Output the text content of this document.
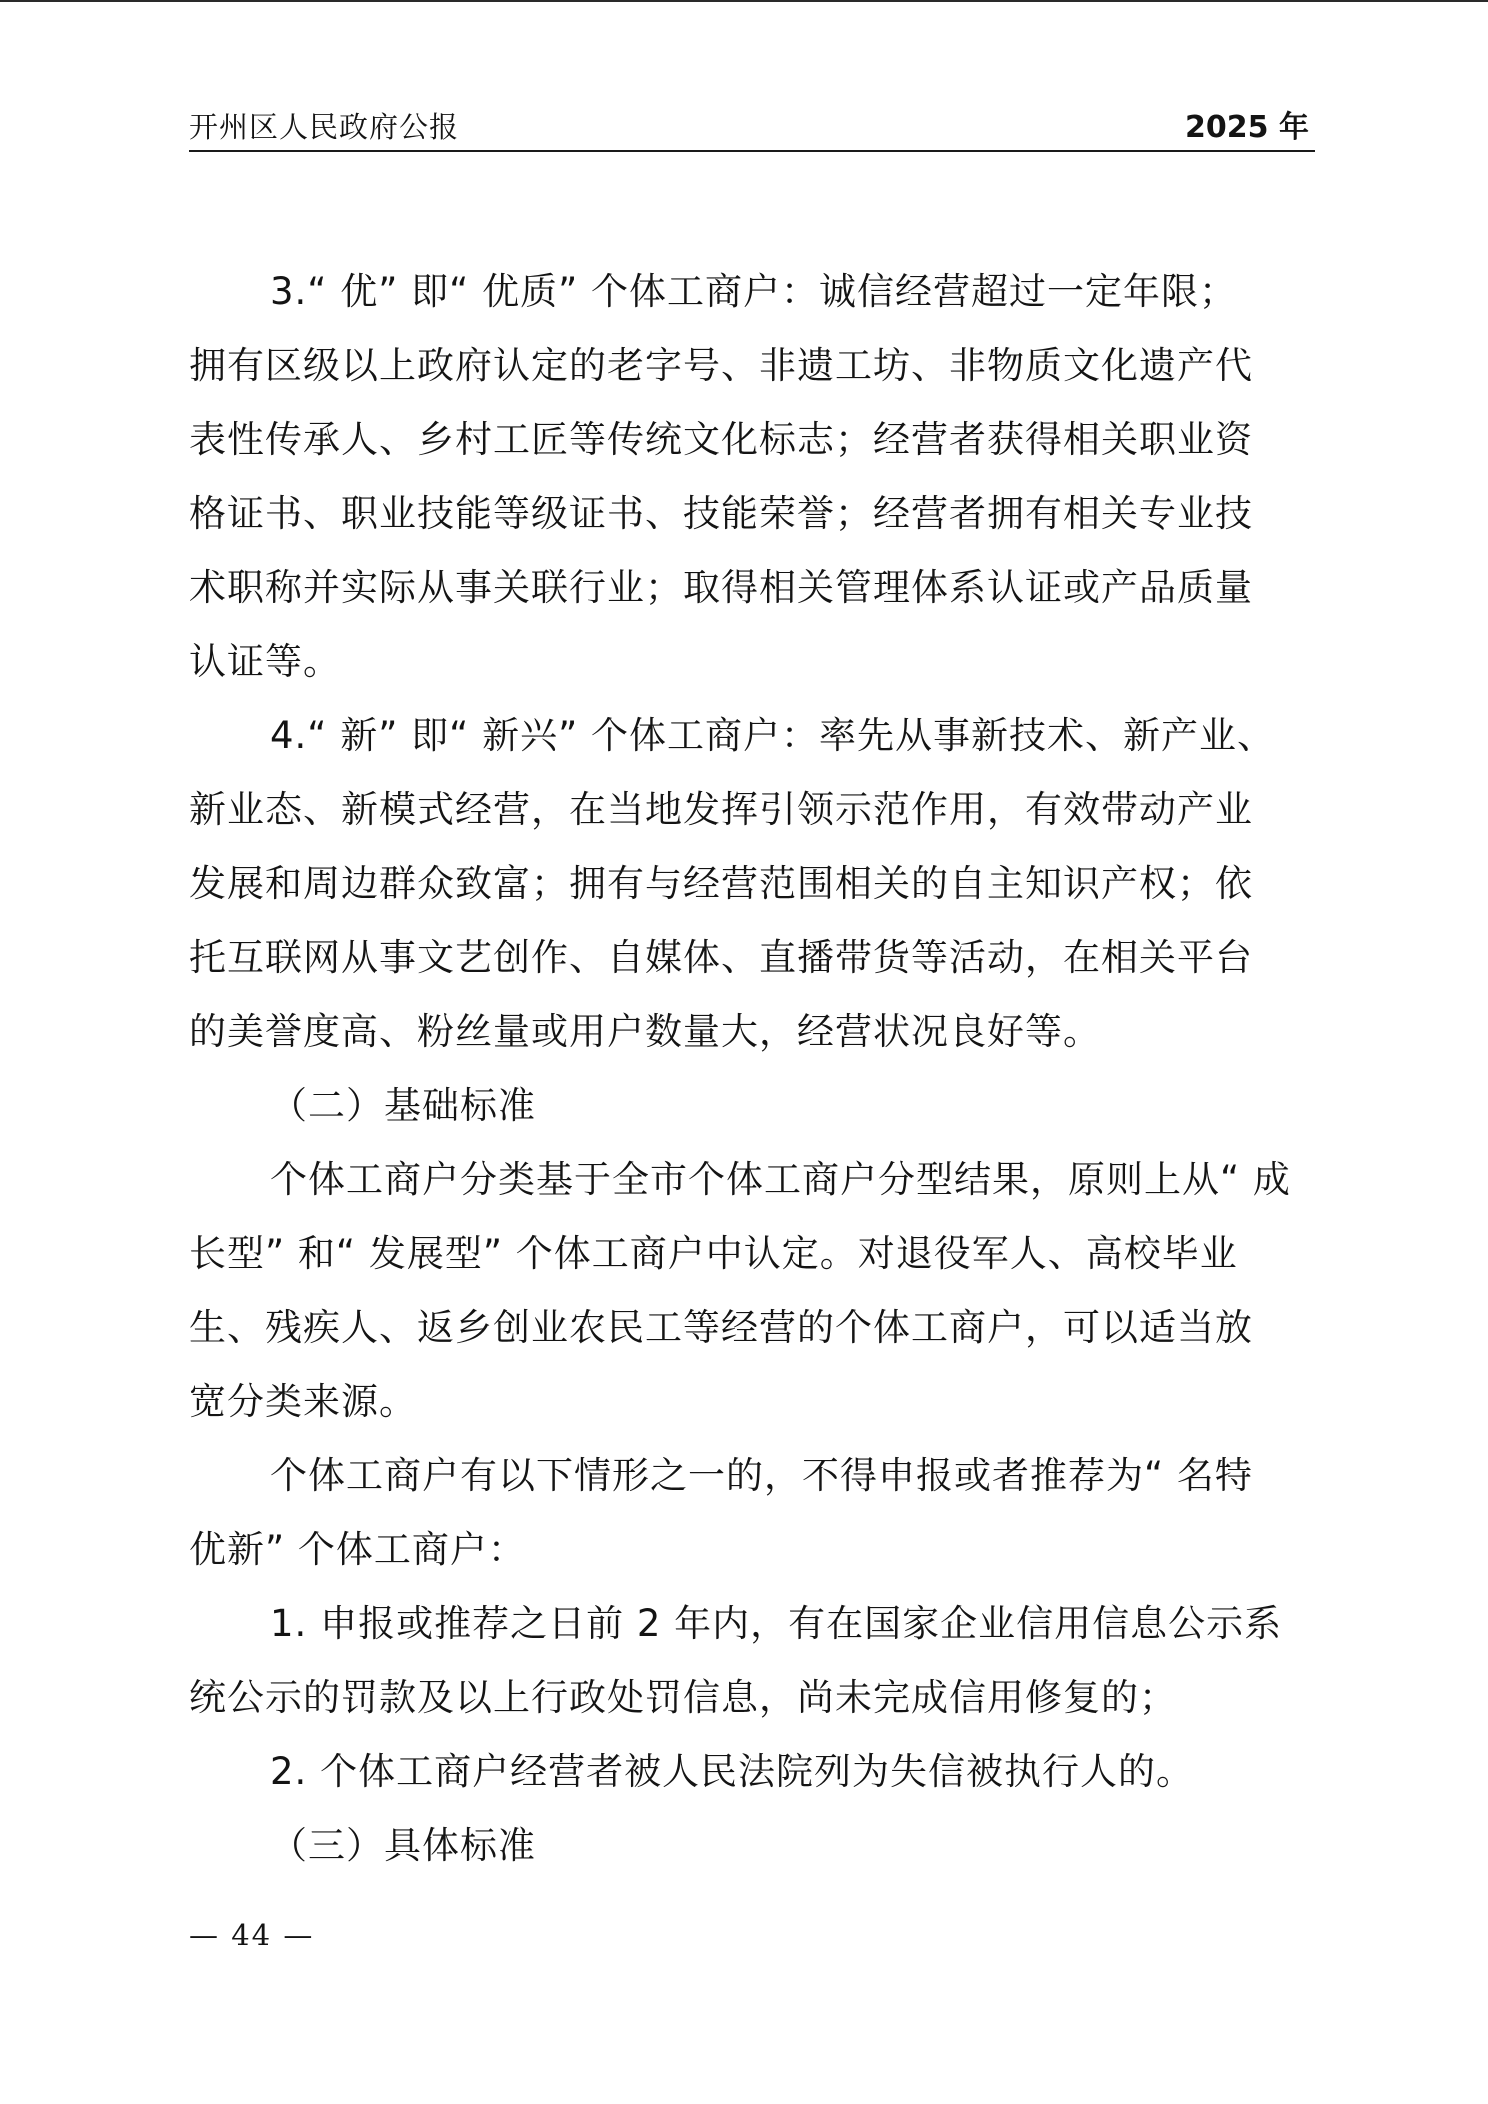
开州区人民政府公报	2025 年
3.“ 优” 即“ 优质” 个体工商户：诚信经营超过一定年限；
拥有区级以上政府认定的老字号、非遗工坊、非物质文化遗产代
表性传承人、乡村工匠等传统文化标志；经营者获得相关职业资
格证书、职业技能等级证书、技能荣誉；经营者拥有相关专业技
术职称并实际从事关联行业；取得相关管理体系认证或产品质量
认证等。
4.“ 新” 即“ 新兴” 个体工商户：率先从事新技术、新产业、
新业态、新模式经营，在当地发挥引领示范作用，有效带动产业
发展和周边群众致富；拥有与经营范围相关的自主知识产权；依
托互联网从事文艺创作、自媒体、直播带货等活动，在相关平台
的美誉度高、粉丝量或用户数量大，经营状况良好等。
（二）基础标准
个体工商户分类基于全市个体工商户分型结果，原则上从“ 成
长型” 和“ 发展型” 个体工商户中认定。对退役军人、高校毕业
生、残疾人、返乡创业农民工等经营的个体工商户，可以适当放
宽分类来源。
个体工商户有以下情形之一的，不得申报或者推荐为“ 名特
优新” 个体工商户：
1. 申报或推荐之日前 2 年内，有在国家企业信用信息公示系
统公示的罚款及以上行政处罚信息，尚未完成信用修复的；
2. 个体工商户经营者被人民法院列为失信被执行人的。
（三）具体标准
— 44 —
